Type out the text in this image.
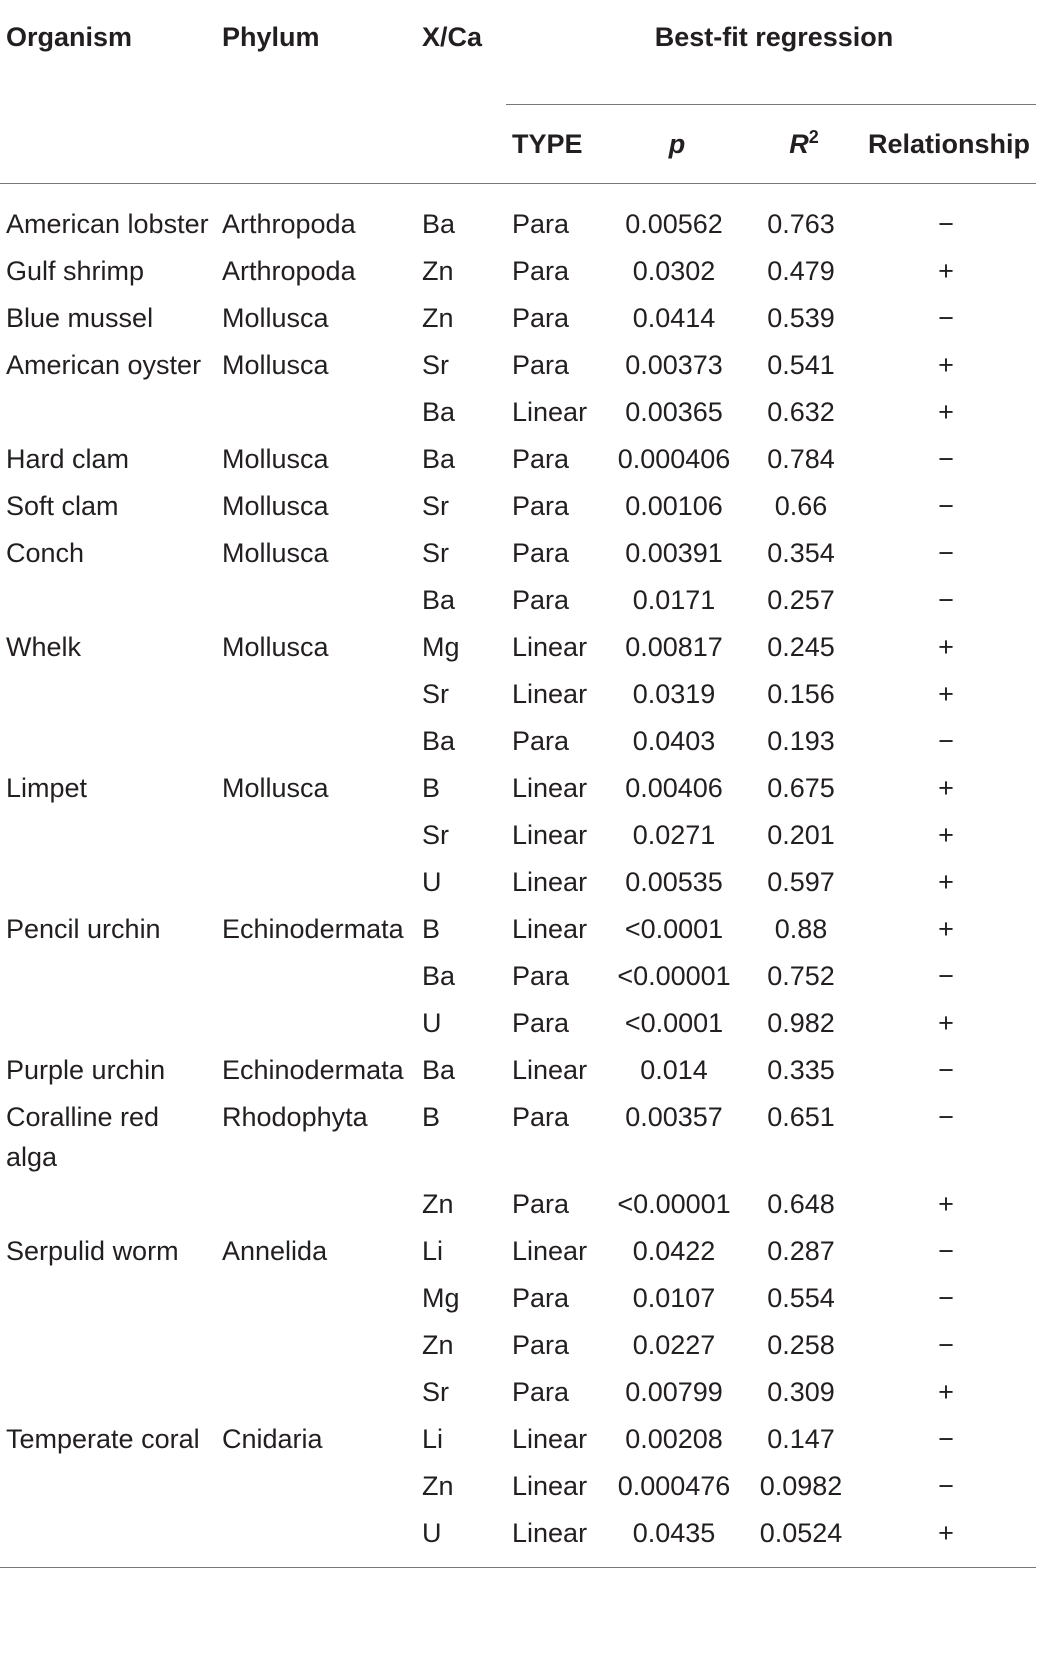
Organism	Phylum	X/Ca	Best-fit regression			
			TYPE	p	$R^2$	Relationship
American lobster	Arthropoda	Ba	Para	0.00562	0.763	−
Gulf shrimp	Arthropoda	Zn	Para	0.0302	0.479	+
Blue mussel	Mollusca	Zn	Para	0.0414	0.539	−
American oyster	Mollusca	Sr	Para	0.00373	0.541	+
		Ba	Linear	0.00365	0.632	+
Hard clam	Mollusca	Ba	Para	0.000406	0.784	−
Soft clam	Mollusca	Sr	Para	0.00106	0.66	−
Conch	Mollusca	Sr	Para	0.00391	0.354	−
		Ba	Para	0.0171	0.257	−
Whelk	Mollusca	Mg	Linear	0.00817	0.245	+
		Sr	Linear	0.0319	0.156	+
		Ba	Para	0.0403	0.193	−
Limpet	Mollusca	B	Linear	0.00406	0.675	+
		Sr	Linear	0.0271	0.201	+
		U	Linear	0.00535	0.597	+
Pencil urchin	Echinodermata	B	Linear	<0.0001	0.88	+
		Ba	Para	<0.00001	0.752	−
		U	Para	<0.0001	0.982	+
Purple urchin	Echinodermata	Ba	Linear	0.014	0.335	−
Coralline red alga	Rhodophyta	B	Para	0.00357	0.651	−
		Zn	Para	<0.00001	0.648	+
Serpulid worm	Annelida	Li	Linear	0.0422	0.287	−
		Mg	Para	0.0107	0.554	−
		Zn	Para	0.0227	0.258	−
		Sr	Para	0.00799	0.309	+
Temperate coral	Cnidaria	Li	Linear	0.00208	0.147	−
		Zn	Linear	0.000476	0.0982	−
		U	Linear	0.0435	0.0524	+
